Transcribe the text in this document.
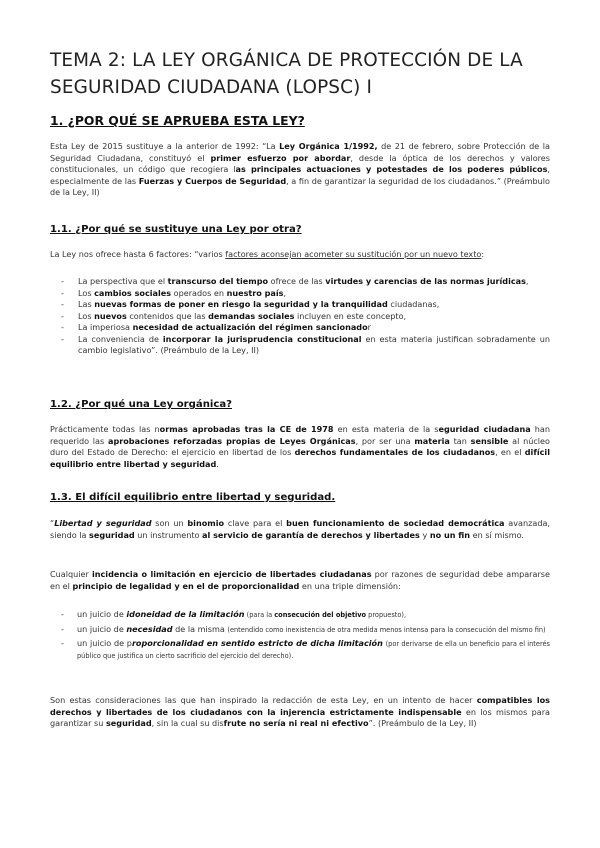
TEMA 2: LA LEY ORGÁNICA DE PROTECCIÓN DE LA SEGURIDAD CIUDADANA (LOPSC) I
1. ¿POR QUÉ SE APRUEBA ESTA LEY?
Esta Ley de 2015 sustituye a la anterior de 1992: “La Ley Orgánica 1/1992, de 21 de febrero, sobre Protección de la Seguridad Ciudadana, constituyó el primer esfuerzo por abordar, desde la óptica de los derechos y valores constitucionales, un código que recogiera las principales actuaciones y potestades de los poderes públicos, especialmente de las Fuerzas y Cuerpos de Seguridad, a fin de garantizar la seguridad de los ciudadanos.” (Preámbulo de la Ley, II)
1.1. ¿Por qué se sustituye una Ley por otra?
La Ley nos ofrece hasta 6 factores: “varios factores aconsejan acometer su sustitución por un nuevo texto:
- La perspectiva que el transcurso del tiempo ofrece de las virtudes y carencias de las normas jurídicas,
- Los cambios sociales operados en nuestro país,
- Las nuevas formas de poner en riesgo la seguridad y la tranquilidad ciudadanas,
- Los nuevos contenidos que las demandas sociales incluyen en este concepto,
- La imperiosa necesidad de actualización del régimen sancionador
- La conveniencia de incorporar la jurisprudencia constitucional en esta materia justifican sobradamente un cambio legislativo”. (Preámbulo de la Ley, II)
1.2. ¿Por qué una Ley orgánica?
Prácticamente todas las normas aprobadas tras la CE de 1978 en esta materia de la seguridad ciudadana han requerido las aprobaciones reforzadas propias de Leyes Orgánicas, por ser una materia tan sensible al núcleo duro del Estado de Derecho: el ejercicio en libertad de los derechos fundamentales de los ciudadanos, en el difícil equilibrio entre libertad y seguridad.
1.3. El difícil equilibrio entre libertad y seguridad.
“Libertad y seguridad son un binomio clave para el buen funcionamiento de sociedad democrática avanzada, siendo la seguridad un instrumento al servicio de garantía de derechos y libertades y no un fin en sí mismo.
Cualquier incidencia o limitación en ejercicio de libertades ciudadanas por razones de seguridad debe ampararse en el principio de legalidad y en el de proporcionalidad en una triple dimensión:
- un juicio de idoneidad de la limitación (para la consecución del objetivo propuesto),
- un juicio de necesidad de la misma (entendido como inexistencia de otra medida menos intensa para la consecución del mismo fin)
- un juicio de proporcionalidad en sentido estricto de dicha limitación (por derivarse de ella un beneficio para el interés público que justifica un cierto sacrificio del ejercicio del derecho).
Son estas consideraciones las que han inspirado la redacción de esta Ley, en un intento de hacer compatibles los derechos y libertades de los ciudadanos con la injerencia estrictamente indispensable en los mismos para garantizar su seguridad, sin la cual su disfrute no sería ni real ni efectivo”. (Preámbulo de la Ley, II)
